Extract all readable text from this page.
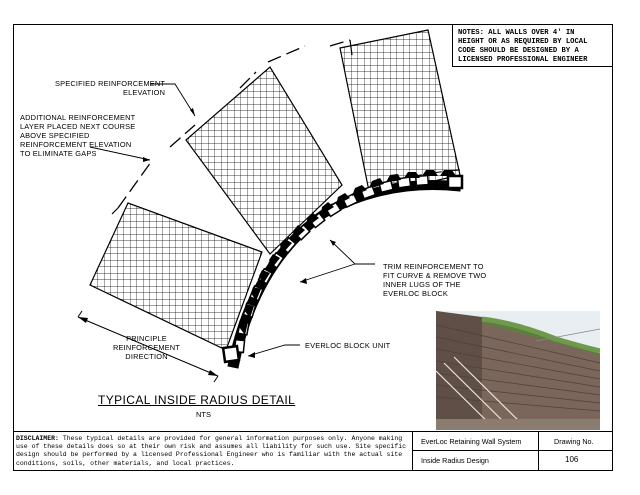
NOTES: ALL WALLS OVER 4' IN
HEIGHT OR AS REQUIRED BY LOCAL
CODE SHOULD BE DESIGNED BY A
LICENSED PROFESSIONAL ENGINEER
SPECIFIED REINFORCEMENT
ELEVATION
ADDITIONAL REINFORCEMENT
LAYER PLACED NEXT COURSE
ABOVE SPECIFIED
REINFORCEMENT ELEVATION
TO ELIMINATE GAPS
TRIM REINFORCEMENT TO
FIT CURVE & REMOVE TWO
INNER LUGS OF THE
EVERLOC BLOCK
EVERLOC BLOCK UNIT
PRINCIPLE
REINFORCEMENT
DIRECTION
TYPICAL INSIDE RADIUS DETAIL
NTS
DISCLAIMER: These typical details are provided for general information purposes only. Anyone making use of these details does so at their own risk and assumes all liability for such use. Site specific design should be performed by a licensed Professional Engineer who is familiar with the actual site conditions, soils, other materials, and local practices.
EverLoc Retaining Wall System
Inside Radius Design
Drawing No.
106
